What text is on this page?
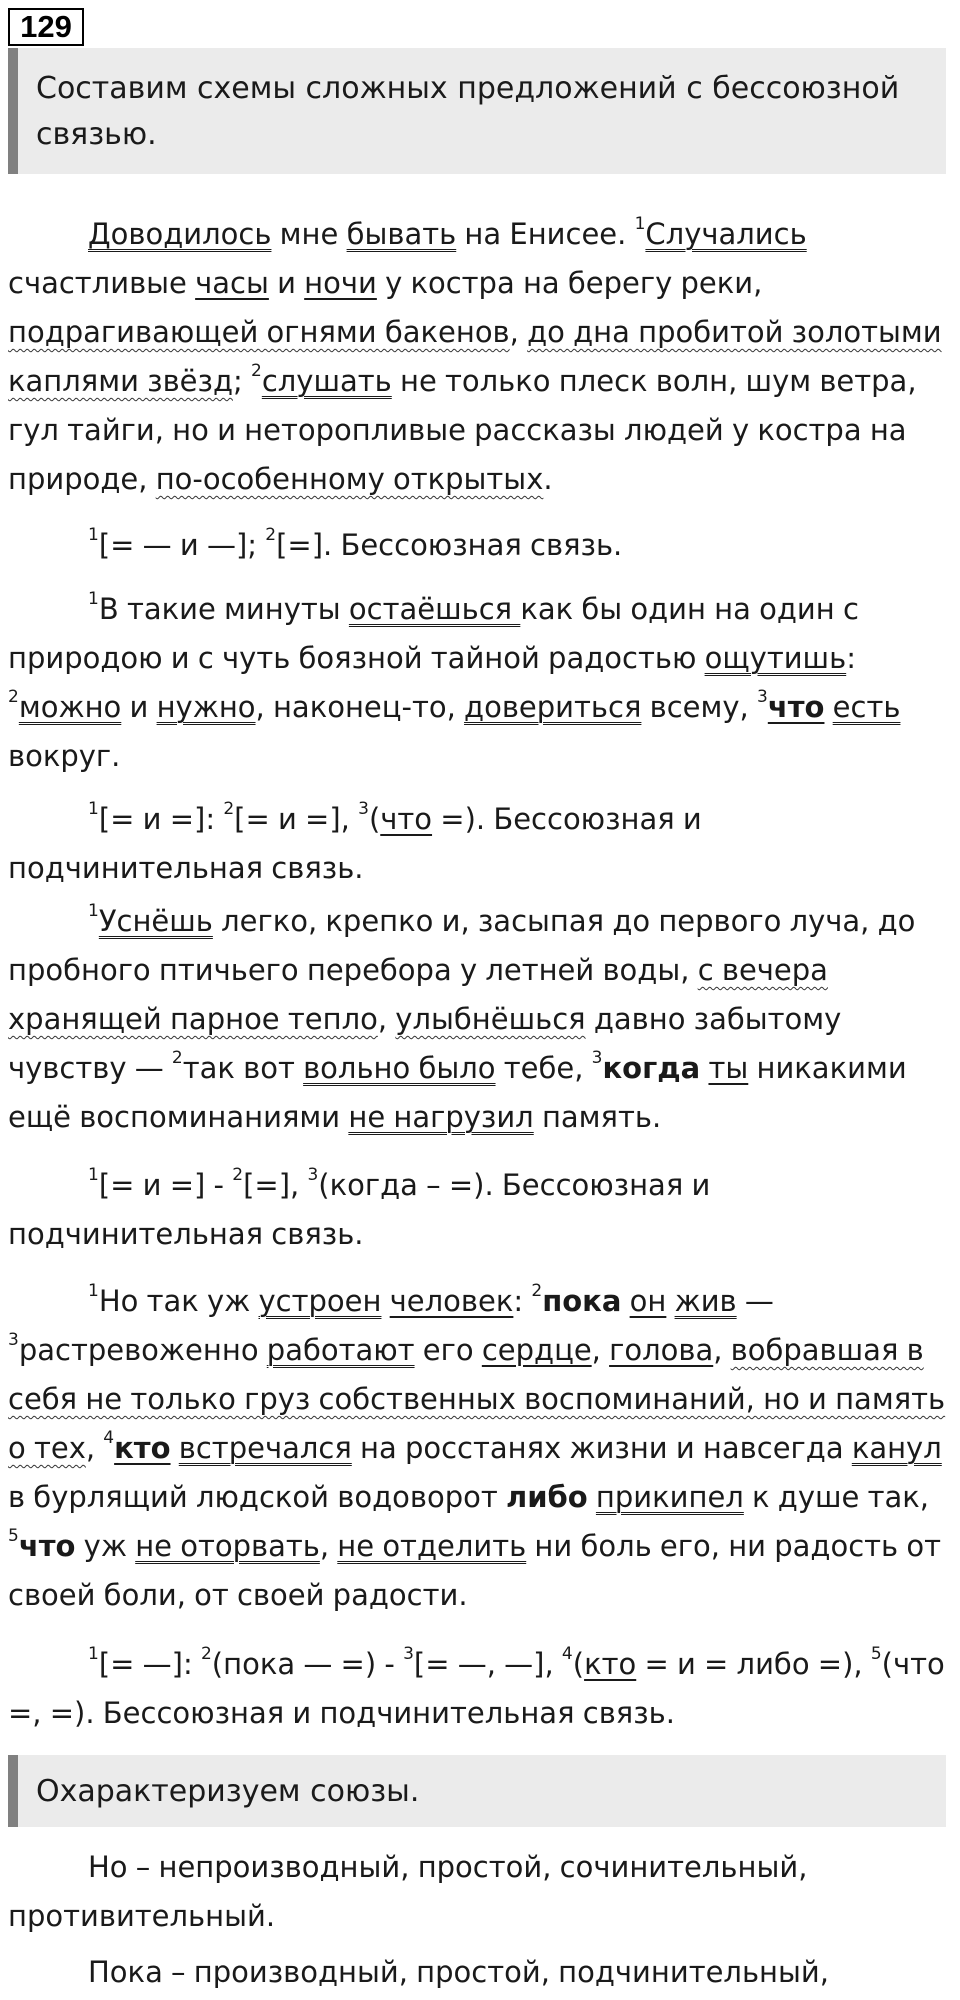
129
Составим схемы сложных предложений с бессоюзной связью.

Доводилось мне бывать на Енисее. $^1$Случались счастливые часы и ночи у костра на берегу реки, подрагивающей огнями бакенов, до дна пробитой золотыми каплями звёзд; $^2$слушать не только плеск волн, шум ветра, гул тайги, но и неторопливые рассказы людей у костра на природе, по-особенному открытых.

$^1$[= — и —]; $^2$[=]. Бессоюзная связь.

$^1$В такие минуты остаёшься как бы один на один с природою и с чуть боязной тайной радостью ощутишь: $^2$можно и нужно, наконец-то, довериться всему, $^3$что есть вокруг.

$^1$[= и =]: $^2$[= и =], $^3$(что =). Бессоюзная и подчинительная связь.

$^1$Уснёшь легко, крепко и, засыпая до первого луча, до пробного птичьего перебора у летней воды, с вечера хранящей парное тепло, улыбнёшься давно забытому чувству — $^2$так вот вольно было тебе, $^3$когда ты никакими ещё воспоминаниями не нагрузил память.

$^1$[= и =] - $^2$[=], $^3$(когда – =). Бессоюзная и подчинительная связь.

$^1$Но так уж устроен человек: $^2$пока он жив — $^3$растревоженно работают его сердце, голова, вобравшая в себя не только груз собственных воспоминаний, но и память о тех, $^4$кто встречался на росстанях жизни и навсегда канул в бурлящий людской водоворот либо прикипел к душе так, $^5$что уж не оторвать, не отделить ни боль его, ни радость от своей боли, от своей радости.

$^1$[= —]: $^2$(пока — =) - $^3$[= —, —], $^4$(кто = и = либо =), $^5$(что =, =). Бессоюзная и подчинительная связь.

Охарактеризуем союзы.

Но – непроизводный, простой, сочинительный, противительный.

Пока – производный, простой, подчинительный,
